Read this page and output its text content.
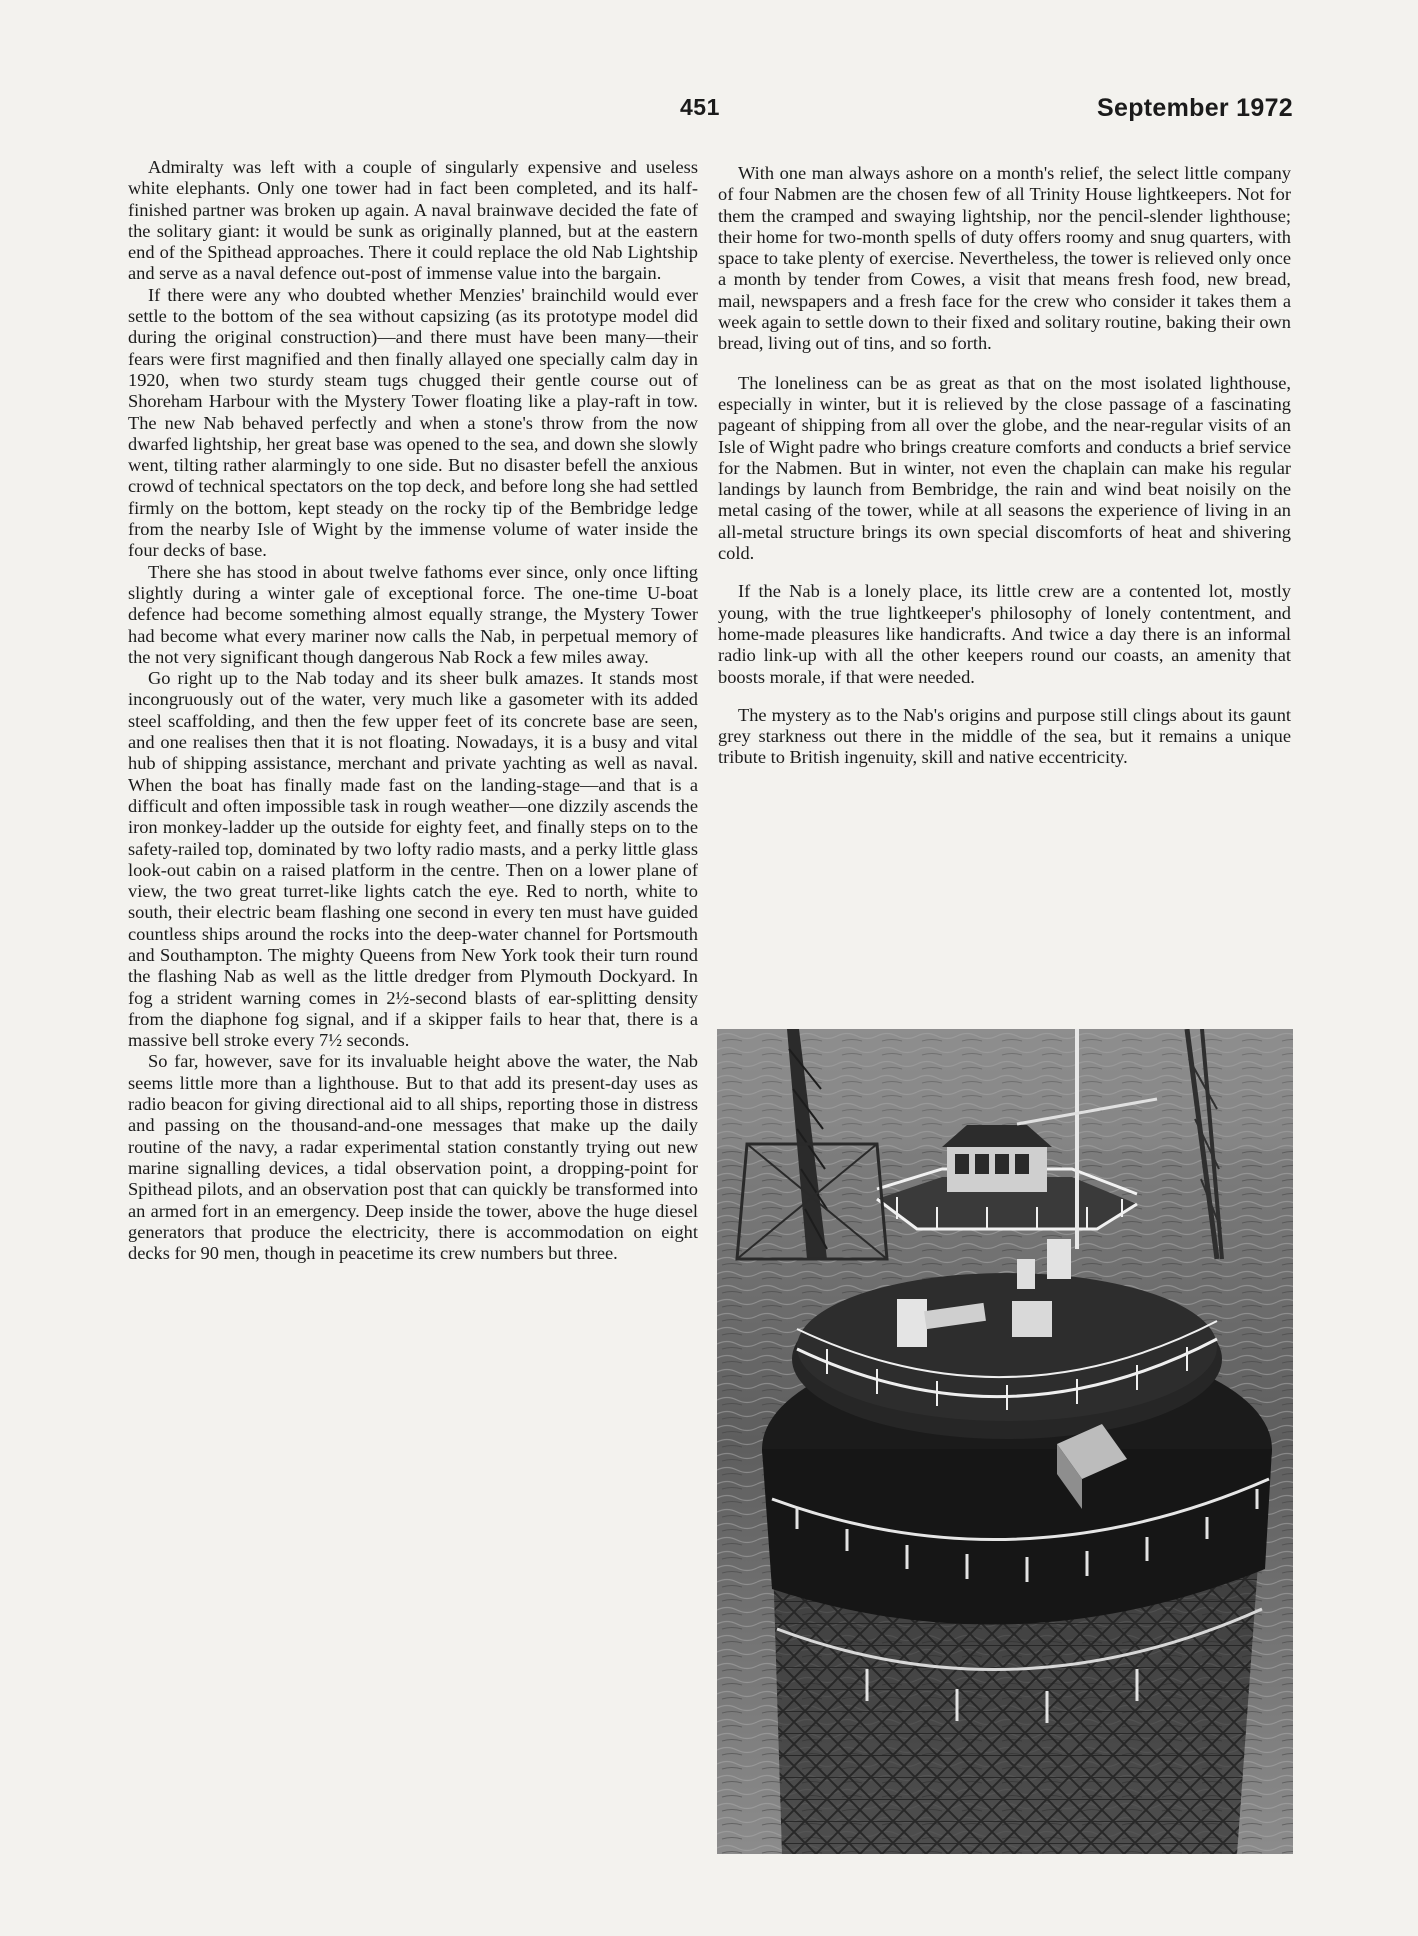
451	September 1972

Admiralty was left with a couple of singularly expensive and useless white elephants. Only one tower had in fact been completed, and its half-finished partner was broken up again. A naval brainwave decided the fate of the solitary giant: it would be sunk as originally planned, but at the eastern end of the Spithead approaches. There it could replace the old Nab Lightship and serve as a naval defence out-post of immense value into the bargain.

If there were any who doubted whether Menzies' brainchild would ever settle to the bottom of the sea without capsizing (as its prototype model did during the original construction)—and there must have been many—their fears were first magnified and then finally allayed one specially calm day in 1920, when two sturdy steam tugs chugged their gentle course out of Shoreham Harbour with the Mystery Tower floating like a play-raft in tow. The new Nab behaved perfectly and when a stone's throw from the now dwarfed lightship, her great base was opened to the sea, and down she slowly went, tilting rather alarmingly to one side. But no disaster befell the anxious crowd of technical spectators on the top deck, and before long she had settled firmly on the bottom, kept steady on the rocky tip of the Bembridge ledge from the nearby Isle of Wight by the immense volume of water inside the four decks of base.

There she has stood in about twelve fathoms ever since, only once lifting slightly during a winter gale of exceptional force. The one-time U-boat defence had become something almost equally strange, the Mystery Tower had become what every mariner now calls the Nab, in perpetual memory of the not very significant though dangerous Nab Rock a few miles away.

Go right up to the Nab today and its sheer bulk amazes. It stands most incongruously out of the water, very much like a gasometer with its added steel scaffolding, and then the few upper feet of its concrete base are seen, and one realises then that it is not floating. Nowadays, it is a busy and vital hub of shipping assistance, merchant and private yachting as well as naval. When the boat has finally made fast on the landing-stage—and that is a difficult and often impossible task in rough weather—one dizzily ascends the iron monkey-ladder up the outside for eighty feet, and finally steps on to the safety-railed top, dominated by two lofty radio masts, and a perky little glass look-out cabin on a raised platform in the centre. Then on a lower plane of view, the two great turret-like lights catch the eye. Red to north, white to south, their electric beam flashing one second in every ten must have guided countless ships around the rocks into the deep-water channel for Portsmouth and Southampton. The mighty Queens from New York took their turn round the flashing Nab as well as the little dredger from Plymouth Dockyard. In fog a strident warning comes in 2½-second blasts of ear-splitting density from the diaphone fog signal, and if a skipper fails to hear that, there is a massive bell stroke every 7½ seconds.

So far, however, save for its invaluable height above the water, the Nab seems little more than a lighthouse. But to that add its present-day uses as radio beacon for giving directional aid to all ships, reporting those in distress and passing on the thousand-and-one messages that make up the daily routine of the navy, a radar experimental station constantly trying out new marine signalling devices, a tidal observation point, a dropping-point for Spithead pilots, and an observation post that can quickly be transformed into an armed fort in an emergency. Deep inside the tower, above the huge diesel generators that produce the electricity, there is accommodation on eight decks for 90 men, though in peacetime its crew numbers but three.

With one man always ashore on a month's relief, the select little company of four Nabmen are the chosen few of all Trinity House lightkeepers. Not for them the cramped and swaying lightship, nor the pencil-slender lighthouse; their home for two-month spells of duty offers roomy and snug quarters, with space to take plenty of exercise. Nevertheless, the tower is relieved only once a month by tender from Cowes, a visit that means fresh food, new bread, mail, newspapers and a fresh face for the crew who consider it takes them a week again to settle down to their fixed and solitary routine, baking their own bread, living out of tins, and so forth.

The loneliness can be as great as that on the most isolated lighthouse, especially in winter, but it is relieved by the close passage of a fascinating pageant of shipping from all over the globe, and the near-regular visits of an Isle of Wight padre who brings creature comforts and conducts a brief service for the Nabmen. But in winter, not even the chaplain can make his regular landings by launch from Bembridge, the rain and wind beat noisily on the metal casing of the tower, while at all seasons the experience of living in an all-metal structure brings its own special discomforts of heat and shivering cold.

If the Nab is a lonely place, its little crew are a contented lot, mostly young, with the true lightkeeper's philosophy of lonely contentment, and home-made pleasures like handicrafts. And twice a day there is an informal radio link-up with all the other keepers round our coasts, an amenity that boosts morale, if that were needed.

The mystery as to the Nab's origins and purpose still clings about its gaunt grey starkness out there in the middle of the sea, but it remains a unique tribute to British ingenuity, skill and native eccentricity.
